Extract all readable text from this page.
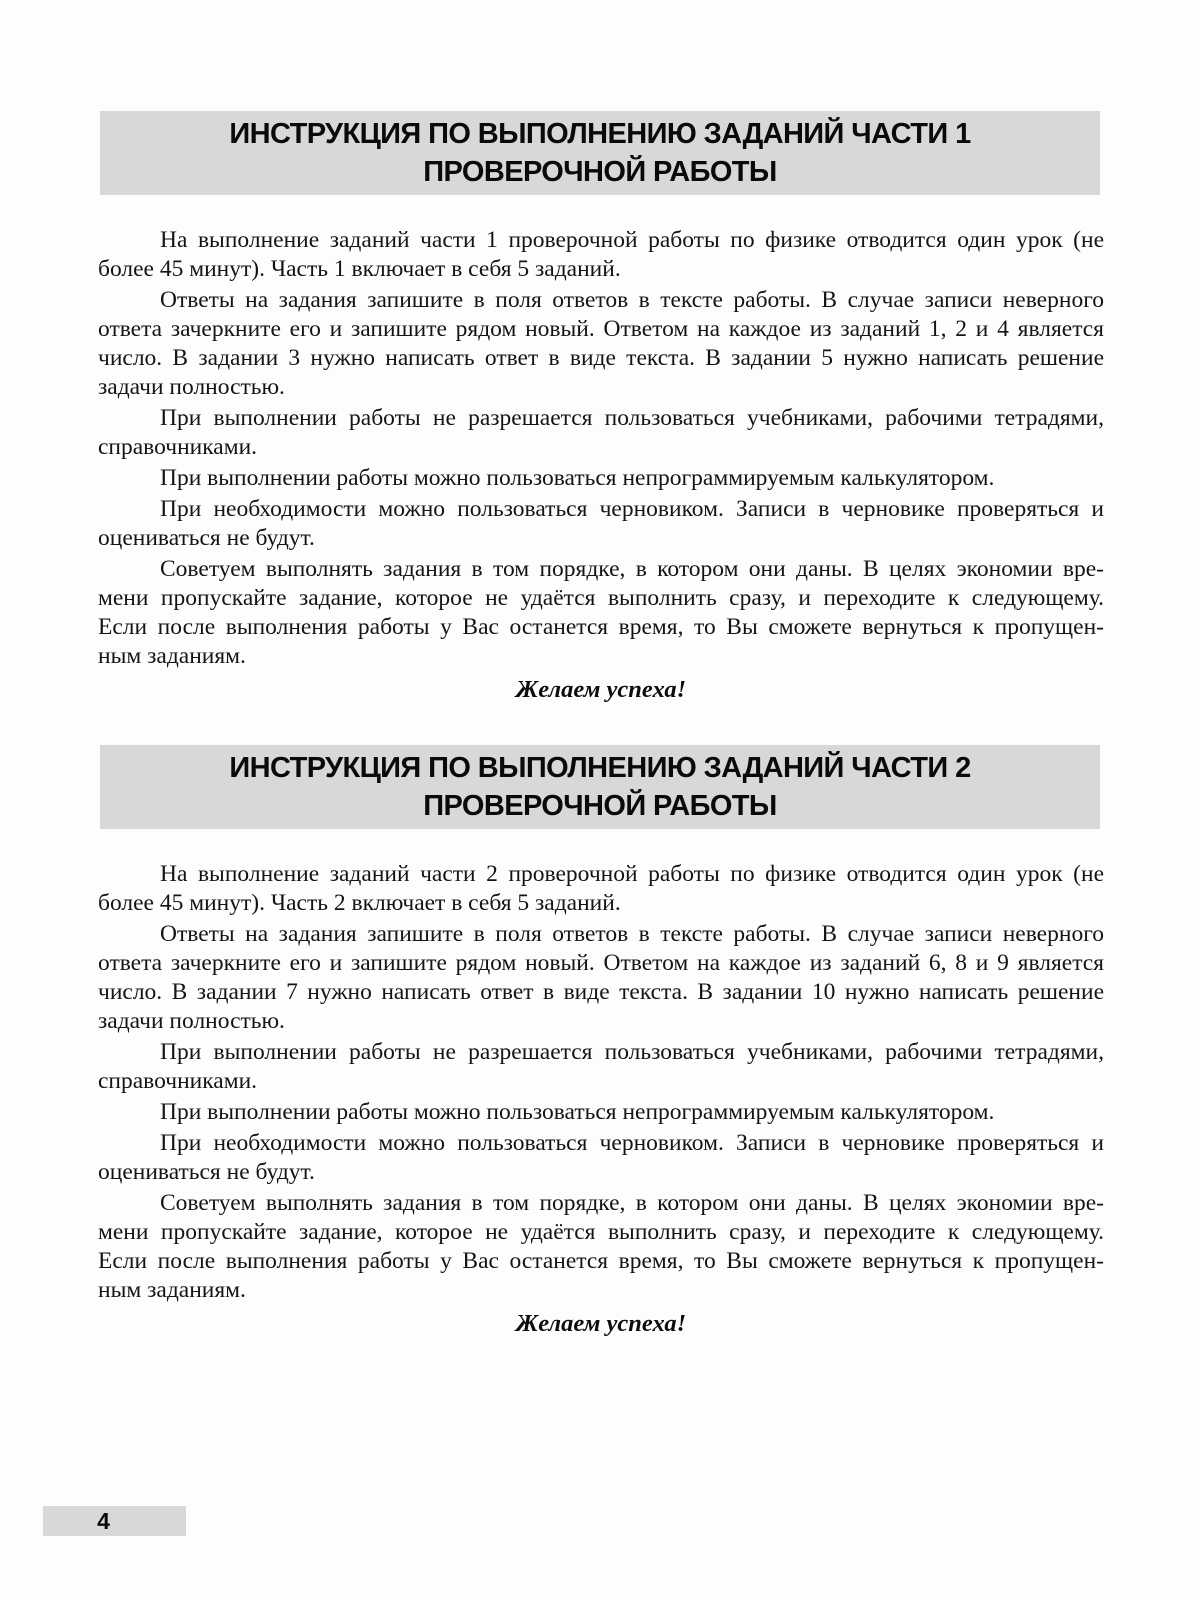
ИНСТРУКЦИЯ ПО ВЫПОЛНЕНИЮ ЗАДАНИЙ ЧАСТИ 1
ПРОВЕРОЧНОЙ РАБОТЫ
На выполнение заданий части 1 проверочной работы по физике отводится один урок (не
более 45 минут). Часть 1 включает в себя 5 заданий.
Ответы на задания запишите в поля ответов в тексте работы. В случае записи неверного
ответа зачеркните его и запишите рядом новый. Ответом на каждое из заданий 1, 2 и 4 является
число. В задании 3 нужно написать ответ в виде текста. В задании 5 нужно написать решение
задачи полностью.
При выполнении работы не разрешается пользоваться учебниками, рабочими тетрадями,
справочниками.
При выполнении работы можно пользоваться непрограммируемым калькулятором.
При необходимости можно пользоваться черновиком. Записи в черновике проверяться и
оцениваться не будут.
Советуем выполнять задания в том порядке, в котором они даны. В целях экономии вре-
мени пропускайте задание, которое не удаётся выполнить сразу, и переходите к следующему.
Если после выполнения работы у Вас останется время, то Вы сможете вернуться к пропущен-
ным заданиям.
Желаем успеха!
ИНСТРУКЦИЯ ПО ВЫПОЛНЕНИЮ ЗАДАНИЙ ЧАСТИ 2
ПРОВЕРОЧНОЙ РАБОТЫ
На выполнение заданий части 2 проверочной работы по физике отводится один урок (не
более 45 минут). Часть 2 включает в себя 5 заданий.
Ответы на задания запишите в поля ответов в тексте работы. В случае записи неверного
ответа зачеркните его и запишите рядом новый. Ответом на каждое из заданий 6, 8 и 9 является
число. В задании 7 нужно написать ответ в виде текста. В задании 10 нужно написать решение
задачи полностью.
При выполнении работы не разрешается пользоваться учебниками, рабочими тетрадями,
справочниками.
При выполнении работы можно пользоваться непрограммируемым калькулятором.
При необходимости можно пользоваться черновиком. Записи в черновике проверяться и
оцениваться не будут.
Советуем выполнять задания в том порядке, в котором они даны. В целях экономии вре-
мени пропускайте задание, которое не удаётся выполнить сразу, и переходите к следующему.
Если после выполнения работы у Вас останется время, то Вы сможете вернуться к пропущен-
ным заданиям.
Желаем успеха!
4
